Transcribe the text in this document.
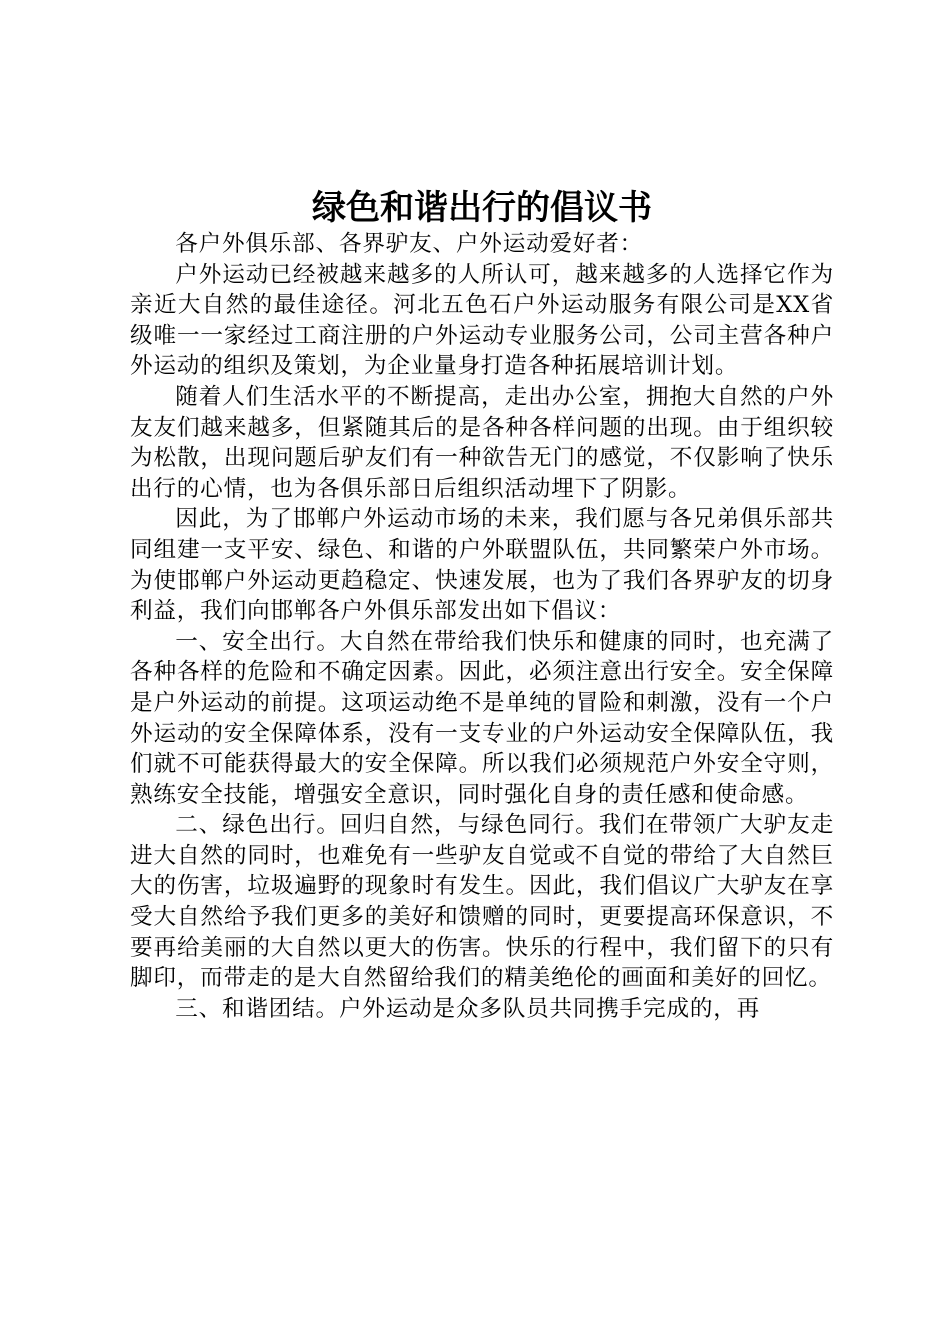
绿色和谐出行的倡议书

各户外俱乐部、各界驴友、户外运动爱好者：

户外运动已经被越来越多的人所认可，越来越多的人选择它作为亲近大自然的最佳途径。河北五色石户外运动服务有限公司是XX省级唯一一家经过工商注册的户外运动专业服务公司，公司主营各种户外运动的组织及策划，为企业量身打造各种拓展培训计划。

随着人们生活水平的不断提高，走出办公室，拥抱大自然的户外友友们越来越多，但紧随其后的是各种各样问题的出现。由于组织较为松散，出现问题后驴友们有一种欲告无门的感觉，不仅影响了快乐出行的心情，也为各俱乐部日后组织活动埋下了阴影。

因此，为了邯郸户外运动市场的未来，我们愿与各兄弟俱乐部共同组建一支平安、绿色、和谐的户外联盟队伍，共同繁荣户外市场。为使邯郸户外运动更趋稳定、快速发展，也为了我们各界驴友的切身利益，我们向邯郸各户外俱乐部发出如下倡议：

一、安全出行。大自然在带给我们快乐和健康的同时，也充满了各种各样的危险和不确定因素。因此，必须注意出行安全。安全保障是户外运动的前提。这项运动绝不是单纯的冒险和刺激，没有一个户外运动的安全保障体系，没有一支专业的户外运动安全保障队伍，我们就不可能获得最大的安全保障。所以我们必须规范户外安全守则，熟练安全技能，增强安全意识，同时强化自身的责任感和使命感。

二、绿色出行。回归自然，与绿色同行。我们在带领广大驴友走进大自然的同时，也难免有一些驴友自觉或不自觉的带给了大自然巨大的伤害，垃圾遍野的现象时有发生。因此，我们倡议广大驴友在享受大自然给予我们更多的美好和馈赠的同时，更要提高环保意识，不要再给美丽的大自然以更大的伤害。快乐的行程中，我们留下的只有脚印，而带走的是大自然留给我们的精美绝伦的画面和美好的回忆。

三、和谐团结。户外运动是众多队员共同携手完成的，再
